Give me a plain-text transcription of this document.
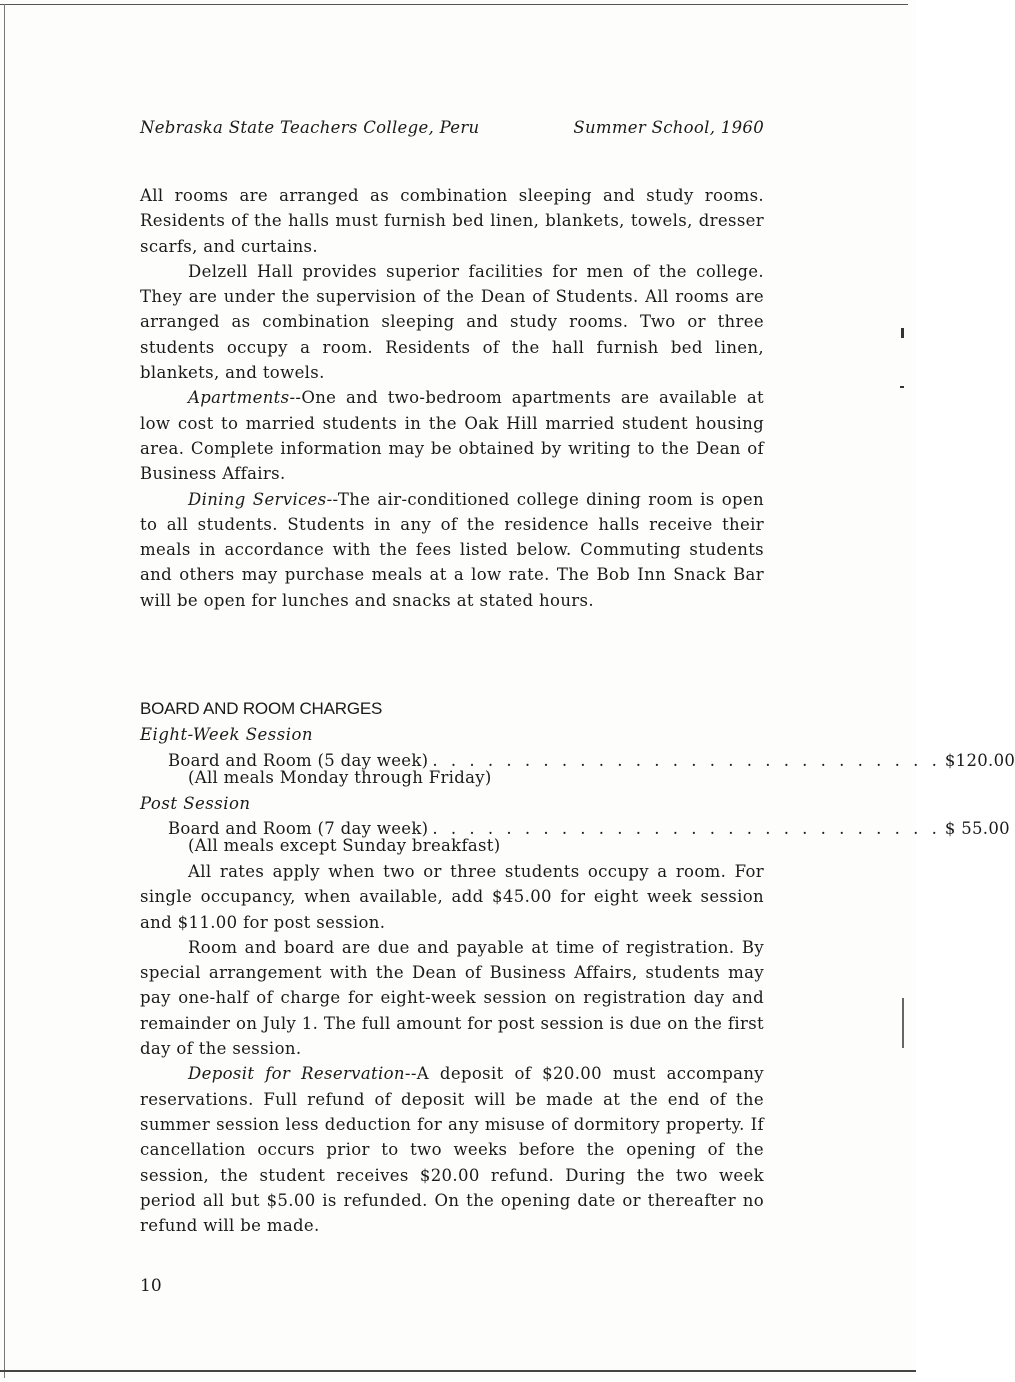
Nebraska State Teachers College, Peru	Summer School, 1960

All rooms are arranged as combination sleeping and study rooms. Residents of the halls must furnish bed linen, blankets, towels, dresser scarfs, and curtains.

Delzell Hall provides superior facilities for men of the college. They are under the supervision of the Dean of Students. All rooms are arranged as combination sleeping and study rooms. Two or three students occupy a room. Residents of the hall furnish bed linen, blankets, and towels.

Apartments--One and two-bedroom apartments are available at low cost to married students in the Oak Hill married student housing area. Complete information may be obtained by writing to the Dean of Business Affairs.

Dining Services--The air-conditioned college dining room is open to all students. Students in any of the residence halls receive their meals in accordance with the fees listed below. Commuting students and others may purchase meals at a low rate. The Bob Inn Snack Bar will be open for lunches and snacks at stated hours.

BOARD AND ROOM CHARGES
Eight-Week Session
Board and Room (5 day week) . . . . . . . . . . . . . . . . . . . . . . . . . . . . $120.00
(All meals Monday through Friday)
Post Session
Board and Room (7 day week) . . . . . . . . . . . . . . . . . . . . . . . . . . . . $ 55.00
(All meals except Sunday breakfast)

All rates apply when two or three students occupy a room. For single occupancy, when available, add $45.00 for eight week session and $11.00 for post session.

Room and board are due and payable at time of registration. By special arrangement with the Dean of Business Affairs, students may pay one-half of charge for eight-week session on registration day and remainder on July 1. The full amount for post session is due on the first day of the session.

Deposit for Reservation--A deposit of $20.00 must accompany reservations. Full refund of deposit will be made at the end of the summer session less deduction for any misuse of dormitory property. If cancellation occurs prior to two weeks before the opening of the session, the student receives $20.00 refund. During the two week period all but $5.00 is refunded. On the opening date or thereafter no refund will be made.

10
